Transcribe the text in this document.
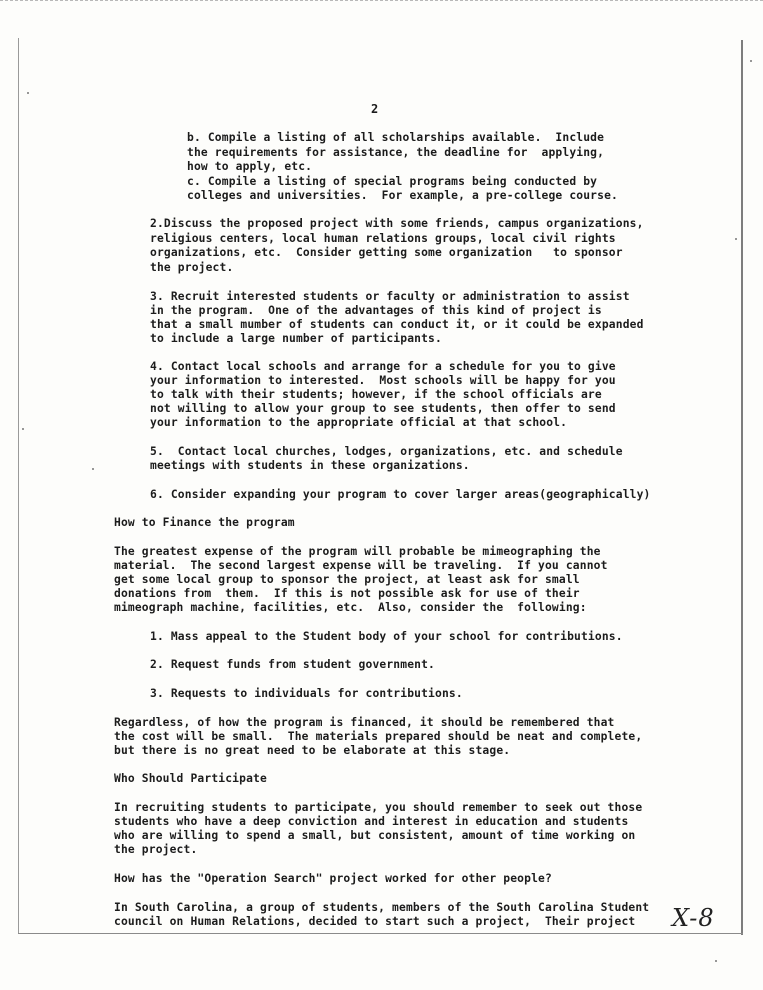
2

b. Compile a listing of all scholarships available.  Include

the requirements for assistance, the deadline for  applying,

how to apply, etc.

c. Compile a listing of special programs being conducted by

colleges and universities.  For example, a pre-college course.

2.Discuss the proposed project with some friends, campus organizations,

religious centers, local human relations groups, local civil rights

organizations, etc.  Consider getting some organization   to sponsor

the project.

3. Recruit interested students or faculty or administration to assist

in the program.  One of the advantages of this kind of project is

that a small mumber of students can conduct it, or it could be expanded

to include a large number of participants.

4. Contact local schools and arrange for a schedule for you to give

your information to interested.  Most schools will be happy for you

to talk with their students; however, if the school officials are

not willing to allow your group to see students, then offer to send

your information to the appropriate official at that school.

5.  Contact local churches, lodges, organizations, etc. and schedule

meetings with students in these organizations.

6. Consider expanding your program to cover larger areas(geographically)

How to Finance the program

The greatest expense of the program will probable be mimeographing the

material.  The second largest expense will be traveling.  If you cannot

get some local group to sponsor the project, at least ask for small

donations from  them.  If this is not possible ask for use of their

mimeograph machine, facilities, etc.  Also, consider the  following:

1. Mass appeal to the Student body of your school for contributions.

2. Request funds from student government.

3. Requests to individuals for contributions.

Regardless, of how the program is financed, it should be remembered that

the cost will be small.  The materials prepared should be neat and complete,

but there is no great need to be elaborate at this stage.

Who Should Participate

In recruiting students to participate, you should remember to seek out those

students who have a deep conviction and interest in education and students

who are willing to spend a small, but consistent, amount of time working on

the project.

How has the "Operation Search" project worked for other people?

In South Carolina, a group of students, members of the South Carolina Student

council on Human Relations, decided to start such a project,  Their project X-8
